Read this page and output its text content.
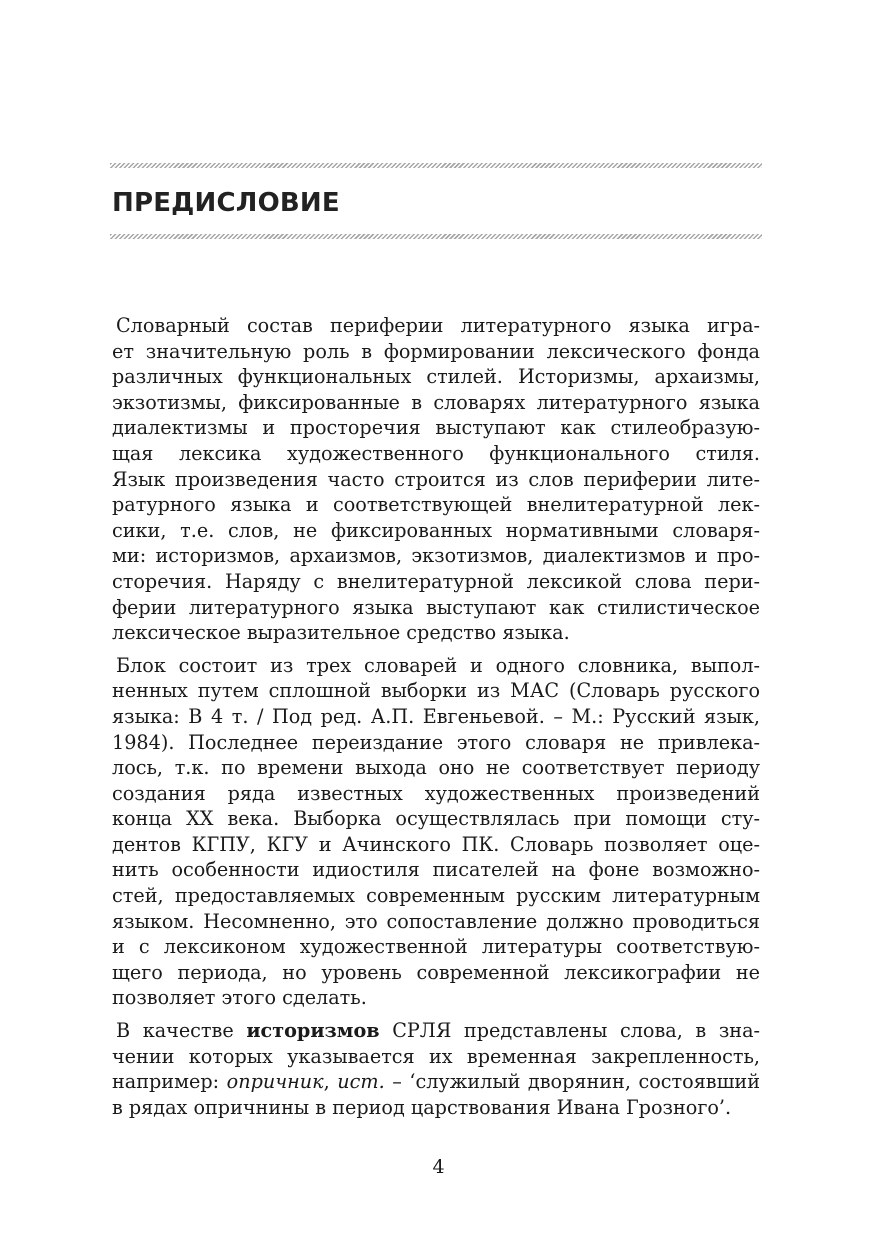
ПРЕДИСЛОВИЕ

Словарный состав периферии литературного языка игра-
ет значительную роль в формировании лексического фонда
различных функциональных стилей. Историзмы, архаизмы,
экзотизмы, фиксированные в словарях литературного языка
диалектизмы и просторечия выступают как стилеобразую-
щая лексика художественного функционального стиля.
Язык произведения часто строится из слов периферии лите-
ратурного языка и соответствующей внелитературной лек-
сики, т.е. слов, не фиксированных нормативными словаря-
ми: историзмов, архаизмов, экзотизмов, диалектизмов и про-
сторечия. Наряду с внелитературной лексикой слова пери-
ферии литературного языка выступают как стилистическое
лексическое выразительное средство языка.

Блок состоит из трех словарей и одного словника, выпол-
ненных путем сплошной выборки из МАС (Словарь русского
языка: В 4 т. / Под ред. А.П. Евгеньевой. – М.: Русский язык,
1984). Последнее переиздание этого словаря не привлека-
лось, т.к. по времени выхода оно не соответствует периоду
создания ряда известных художественных произведений
конца XX века. Выборка осуществлялась при помощи сту-
дентов КГПУ, КГУ и Ачинского ПК. Словарь позволяет оце-
нить особенности идиостиля писателей на фоне возможно-
стей, предоставляемых современным русским литературным
языком. Несомненно, это сопоставление должно проводиться
и с лексиконом художественной литературы соответствую-
щего периода, но уровень современной лексикографии не
позволяет этого сделать.

В качестве историзмов СРЛЯ представлены слова, в зна-
чении которых указывается их временная закрепленность,
например: опричник, ист. – ‘служилый дворянин, состоявший
в рядах опричнины в период царствования Ивана Грозного’.

4
